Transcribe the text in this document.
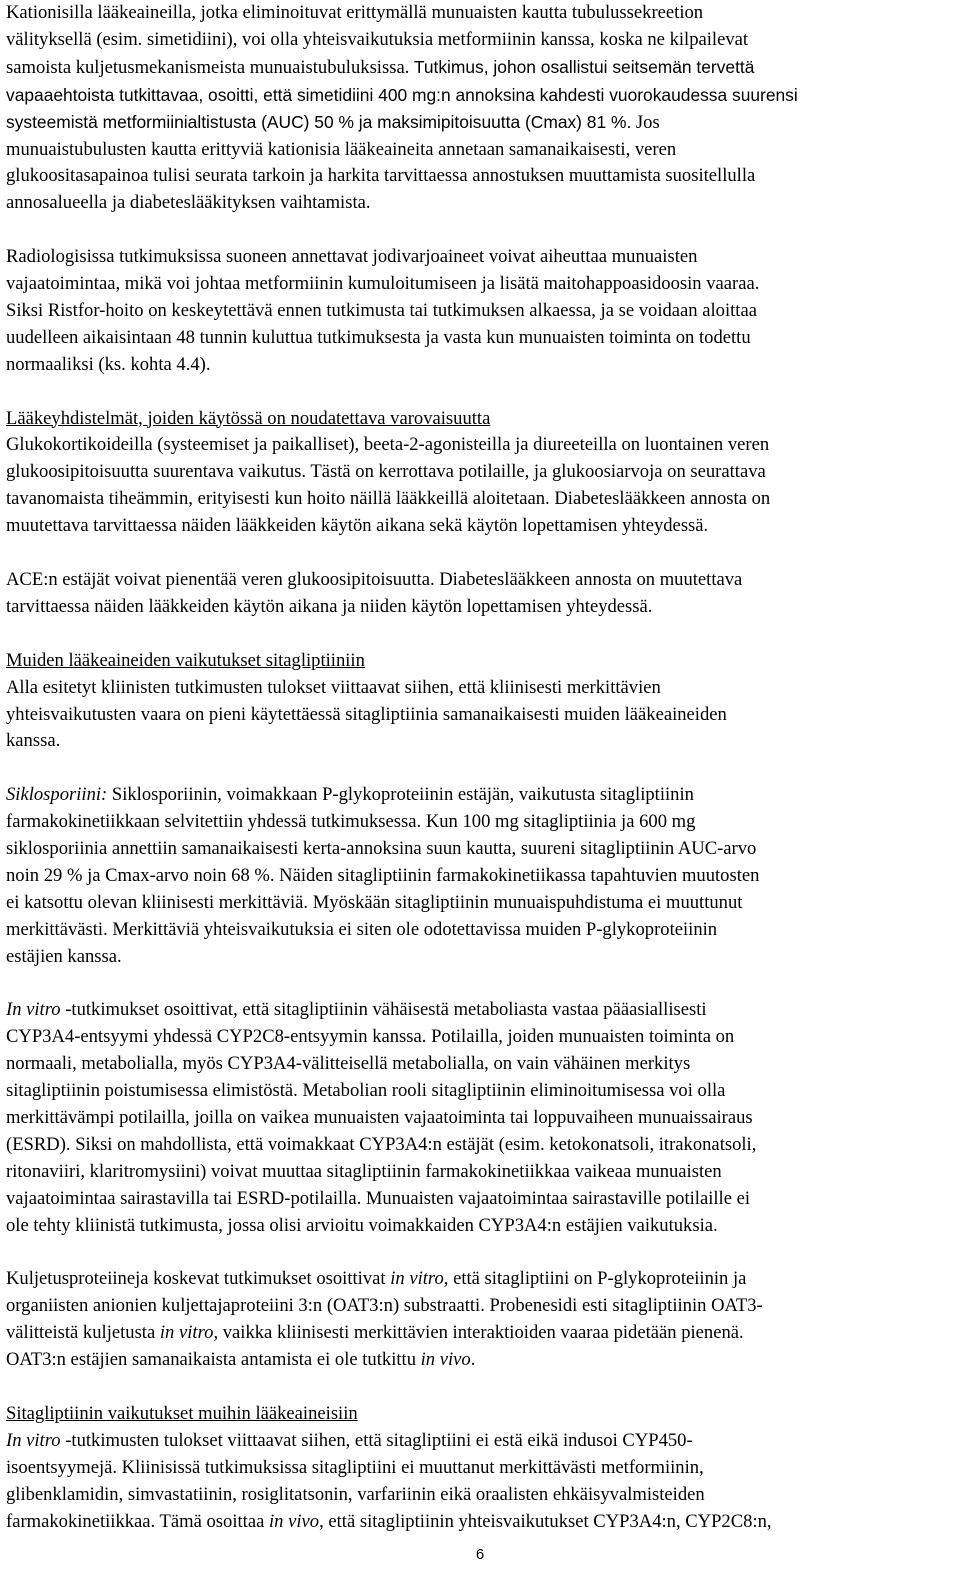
Kationisilla lääkeaineilla, jotka eliminoituvat erittymällä munuaisten kautta tubulussekreetion
välityksellä (esim. simetidiini), voi olla yhteisvaikutuksia metformiinin kanssa, koska ne kilpailevat
samoista kuljetusmekanismeista munuaistubuluksissa. Tutkimus, johon osallistui seitsemän tervettä
vapaaehtoista tutkittavaa, osoitti, että simetidiini 400 mg:n annoksina kahdesti vuorokaudessa suurensi
systeemistä metformiinialtistusta (AUC) 50 % ja maksimipitoisuutta (Cmax) 81 %. Jos
munuaistubulusten kautta erittyviä kationisia lääkeaineita annetaan samanaikaisesti, veren
glukoositasapainoa tulisi seurata tarkoin ja harkita tarvittaessa annostuksen muuttamista suositellulla
annosalueella ja diabeteslääkityksen vaihtamista.

Radiologisissa tutkimuksissa suoneen annettavat jodivarjoaineet voivat aiheuttaa munuaisten
vajaatoimintaa, mikä voi johtaa metformiinin kumuloitumiseen ja lisätä maitohappoasidoosin vaaraa.
Siksi Ristfor-hoito on keskeytettävä ennen tutkimusta tai tutkimuksen alkaessa, ja se voidaan aloittaa
uudelleen aikaisintaan 48 tunnin kuluttua tutkimuksesta ja vasta kun munuaisten toiminta on todettu
normaaliksi (ks. kohta 4.4).

Lääkeyhdistelmät, joiden käytössä on noudatettava varovaisuutta

Glukokortikoideilla (systeemiset ja paikalliset), beeta-2-agonisteilla ja diureeteilla on luontainen veren
glukoosipitoisuutta suurentava vaikutus. Tästä on kerrottava potilaille, ja glukoosiarvoja on seurattava
tavanomaista tiheämmin, erityisesti kun hoito näillä lääkkeillä aloitetaan. Diabeteslääkkeen annosta on
muutettava tarvittaessa näiden lääkkeiden käytön aikana sekä käytön lopettamisen yhteydessä.

ACE:n estäjät voivat pienentää veren glukoosipitoisuutta. Diabeteslääkkeen annosta on muutettava
tarvittaessa näiden lääkkeiden käytön aikana ja niiden käytön lopettamisen yhteydessä.

Muiden lääkeaineiden vaikutukset sitagliptiiniin

Alla esitetyt kliinisten tutkimusten tulokset viittaavat siihen, että kliinisesti merkittävien
yhteisvaikutusten vaara on pieni käytettäessä sitagliptiinia samanaikaisesti muiden lääkeaineiden
kanssa.

Siklosporiini: Siklosporiinin, voimakkaan P-glykoproteiinin estäjän, vaikutusta sitagliptiinin
farmakokinetiikkaan selvitettiin yhdessä tutkimuksessa. Kun 100 mg sitagliptiinia ja 600 mg
siklosporiinia annettiin samanaikaisesti kerta-annoksina suun kautta, suureni sitagliptiinin AUC-arvo
noin 29 % ja Cmax-arvo noin 68 %. Näiden sitagliptiinin farmakokinetiikassa tapahtuvien muutosten
ei katsottu olevan kliinisesti merkittäviä. Myöskään sitagliptiinin munuaispuhdistuma ei muuttunut
merkittävästi. Merkittäviä yhteisvaikutuksia ei siten ole odotettavissa muiden P-glykoproteiinin
estäjien kanssa.

In vitro -tutkimukset osoittivat, että sitagliptiinin vähäisestä metaboliasta vastaa pääasiallisesti
CYP3A4-entsyymi yhdessä CYP2C8-entsyymin kanssa. Potilailla, joiden munuaisten toiminta on
normaali, metabolialla, myös CYP3A4-välitteisellä metabolialla, on vain vähäinen merkitys
sitagliptiinin poistumisessa elimistöstä. Metabolian rooli sitagliptiinin eliminoitumisessa voi olla
merkittävämpi potilailla, joilla on vaikea munuaisten vajaatoiminta tai loppuvaiheen munuaissairaus
(ESRD). Siksi on mahdollista, että voimakkaat CYP3A4:n estäjät (esim. ketokonatsoli, itrakonatsoli,
ritonaviiri, klaritromysiini) voivat muuttaa sitagliptiinin farmakokinetiikkaa vaikeaa munuaisten
vajaatoimintaa sairastavilla tai ESRD-potilailla. Munuaisten vajaatoimintaa sairastaville potilaille ei
ole tehty kliinistä tutkimusta, jossa olisi arvioitu voimakkaiden CYP3A4:n estäjien vaikutuksia.

Kuljetusproteiineja koskevat tutkimukset osoittivat in vitro, että sitagliptiini on P-glykoproteiinin ja
organiisten anionien kuljettajaproteiini 3:n (OAT3:n) substraatti. Probenesidi esti sitagliptiinin OAT3-
välitteistä kuljetusta in vitro, vaikka kliinisesti merkittävien interaktioiden vaaraa pidetään pienenä.
OAT3:n estäjien samanaikaista antamista ei ole tutkittu in vivo.

Sitagliptiinin vaikutukset muihin lääkeaineisiin

In vitro -tutkimusten tulokset viittaavat siihen, että sitagliptiini ei estä eikä indusoi CYP450-
isoentsyymejä. Kliinisissä tutkimuksissa sitagliptiini ei muuttanut merkittävästi metformiinin,
glibenklamidin, simvastatiinin, rosiglitatsonin, varfariinin eikä oraalisten ehkäisyvalmisteiden
farmakokinetiikkaa. Tämä osoittaa in vivo, että sitagliptiinin yhteisvaikutukset CYP3A4:n, CYP2C8:n,

6
